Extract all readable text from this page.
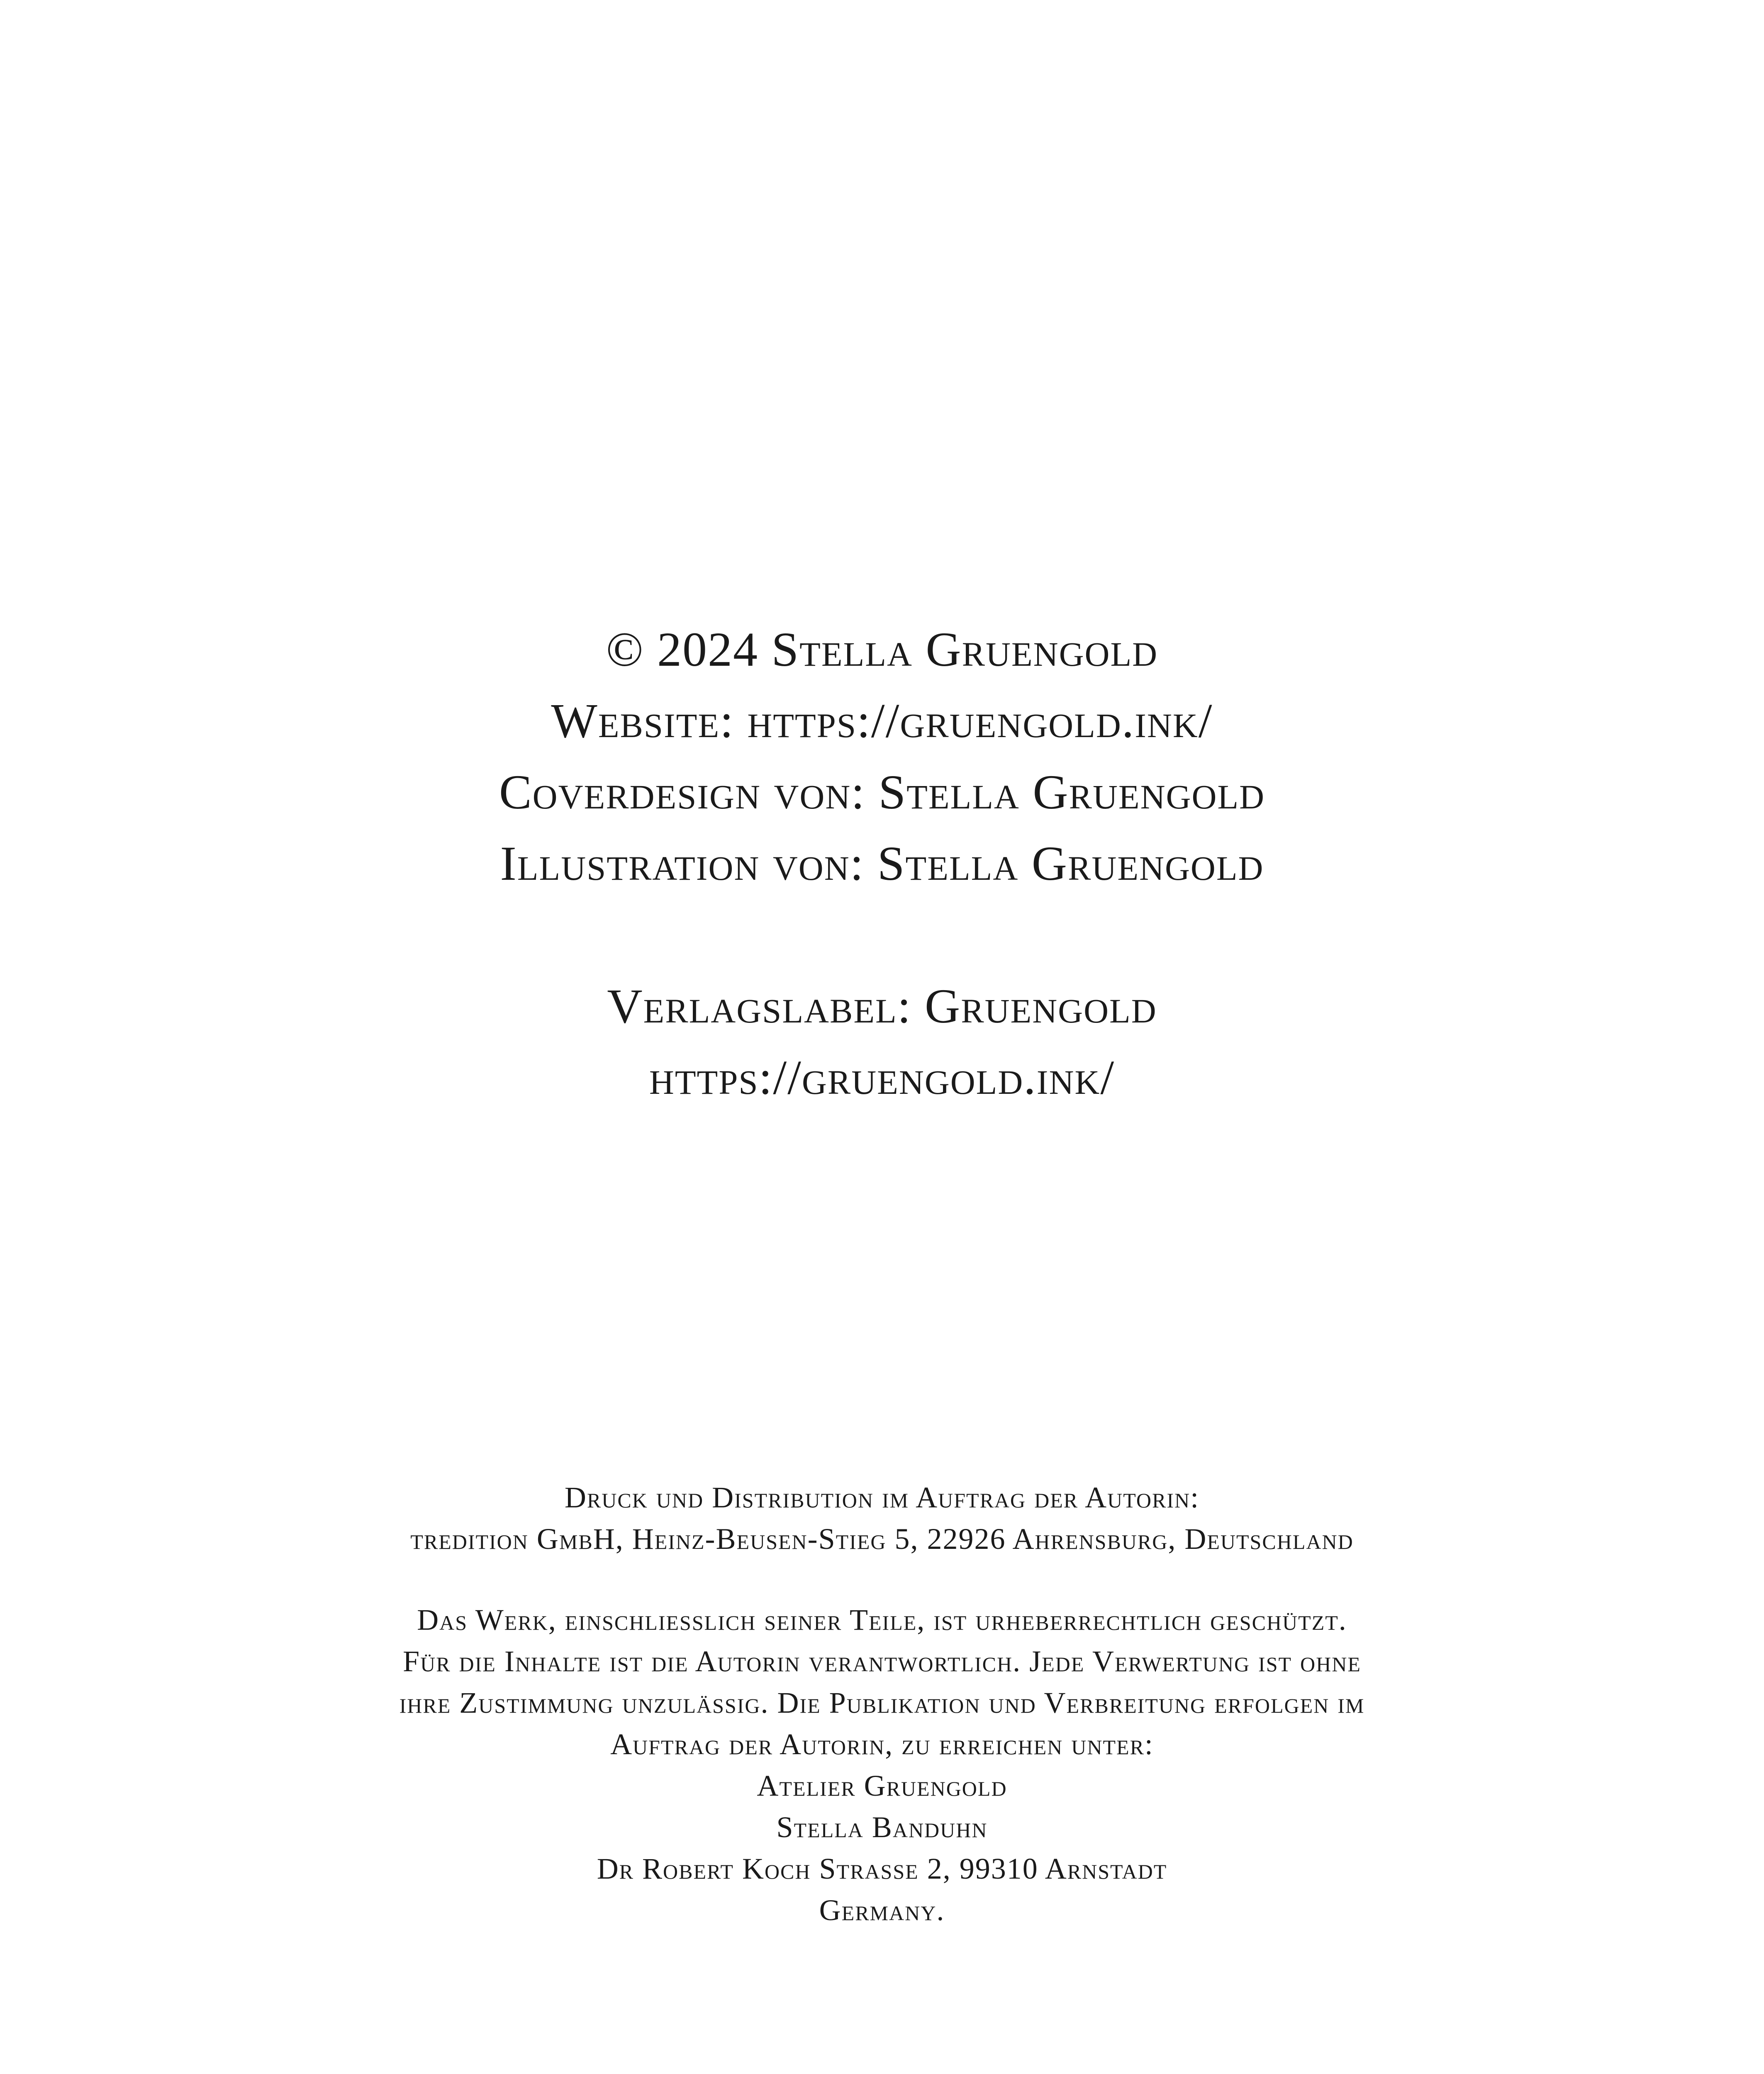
© 2024 Stella Gruengold
Website: https://gruengold.ink/
Coverdesign von: Stella Gruengold
Illustration von: Stella Gruengold
Verlagslabel: Gruengold
https://gruengold.ink/
Druck und Distribution im Auftrag der Autorin:
tredition GmbH, Heinz-Beusen-Stieg 5, 22926 Ahrensburg, Deutschland
Das Werk, einschliesslich seiner Teile, ist urheberrechtlich geschützt.
Für die Inhalte ist die Autorin verantwortlich. Jede Verwertung ist ohne
ihre Zustimmung unzulässig. Die Publikation und Verbreitung erfolgen im
Auftrag der Autorin, zu erreichen unter:
Atelier Gruengold
Stella Banduhn
Dr Robert Koch Strasse 2, 99310 Arnstadt
Germany.
